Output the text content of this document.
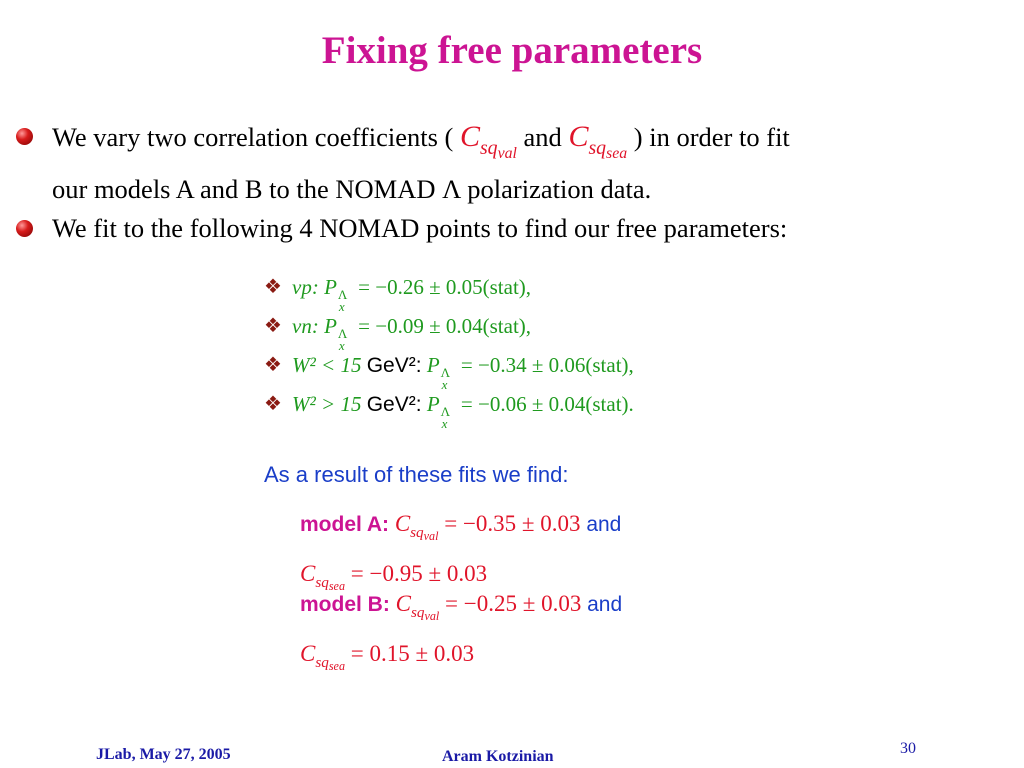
Fixing free parameters
We vary two correlation coefficients ( $C_{sqval}$ and $C_{sqsea}$ ) in order to fit
our models A and B to the NOMAD Λ polarization data.
We fit to the following 4 NOMAD points to find our free parameters:
❖ νp: P Λ
x
= −0.26 ± 0.05(stat),
❖ νn: P Λ
x
= −0.09 ± 0.04(stat),
❖ W² < 15 GeV²: P Λ
x
= −0.34 ± 0.06(stat),
❖ W² > 15 GeV²: P Λ
x
= −0.06 ± 0.04(stat).
As a result of these fits we find:
model A: $C_{sq_{val}} = -0.35 \pm 0.03$ and
$C_{sq_{sea}} = -0.95 \pm 0.03$
model B: $C_{sq_{val}} = -0.25 \pm 0.03$ and
$C_{sq_{sea}} = 0.15 \pm 0.03$
JLab, May 27, 2005	Aram Kotzinian	30
